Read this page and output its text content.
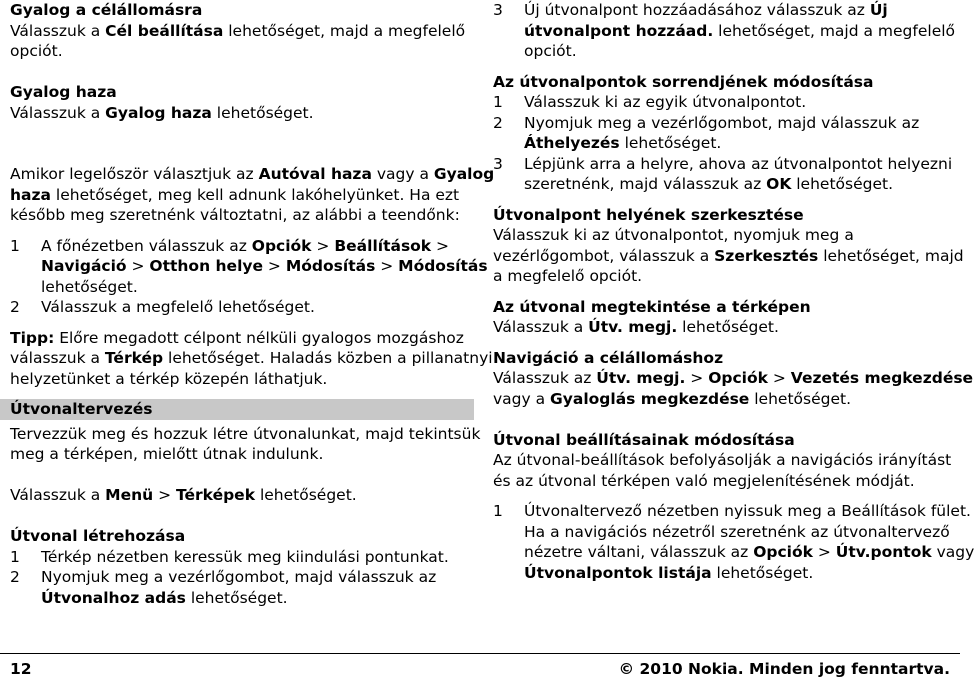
Gyalog a célállomásra
Válasszuk a Cél beállítása lehetőséget, majd a megfelelő
opciót.
Gyalog haza
Válasszuk a Gyalog haza lehetőséget.
Amikor legelőször választjuk az Autóval haza vagy a Gyalog
haza lehetőséget, meg kell adnunk lakóhelyünket. Ha ezt
később meg szeretnénk változtatni, az alábbi a teendőnk:
1 A főnézetben válasszuk az Opciók > Beállítások >
Navigáció > Otthon helye > Módosítás > Módosítás
lehetőséget.
2 Válasszuk a megfelelő lehetőséget.
Tipp: Előre megadott célpont nélküli gyalogos mozgáshoz
válasszuk a Térkép lehetőséget. Haladás közben a pillanatnyi
helyzetünket a térkép közepén láthatjuk.
Útvonaltervezés
Tervezzük meg és hozzuk létre útvonalunkat, majd tekintsük
meg a térképen, mielőtt útnak indulunk.
Válasszuk a Menü > Térképek lehetőséget.
Útvonal létrehozása
1 Térkép nézetben keressük meg kiindulási pontunkat.
2 Nyomjuk meg a vezérlőgombot, majd válasszuk az
Útvonalhoz adás lehetőséget.
3 Új útvonalpont hozzáadásához válasszuk az Új
útvonalpont hozzáad. lehetőséget, majd a megfelelő
opciót.
Az útvonalpontok sorrendjének módosítása
1 Válasszuk ki az egyik útvonalpontot.
2 Nyomjuk meg a vezérlőgombot, majd válasszuk az
Áthelyezés lehetőséget.
3 Lépjünk arra a helyre, ahova az útvonalpontot helyezni
szeretnénk, majd válasszuk az OK lehetőséget.
Útvonalpont helyének szerkesztése
Válasszuk ki az útvonalpontot, nyomjuk meg a
vezérlőgombot, válasszuk a Szerkesztés lehetőséget, majd
a megfelelő opciót.
Az útvonal megtekintése a térképen
Válasszuk a Útv. megj. lehetőséget.
Navigáció a célállomáshoz
Válasszuk az Útv. megj. > Opciók > Vezetés megkezdése
vagy a Gyaloglás megkezdése lehetőséget.
Útvonal beállításainak módosítása
Az útvonal-beállítások befolyásolják a navigációs irányítást
és az útvonal térképen való megjelenítésének módját.
1 Útvonaltervező nézetben nyissuk meg a Beállítások fület.
Ha a navigációs nézetről szeretnénk az útvonaltervező
nézetre váltani, válasszuk az Opciók > Útv.pontok vagy
Útvonalpontok listája lehetőséget.
12	© 2010 Nokia. Minden jog fenntartva.
